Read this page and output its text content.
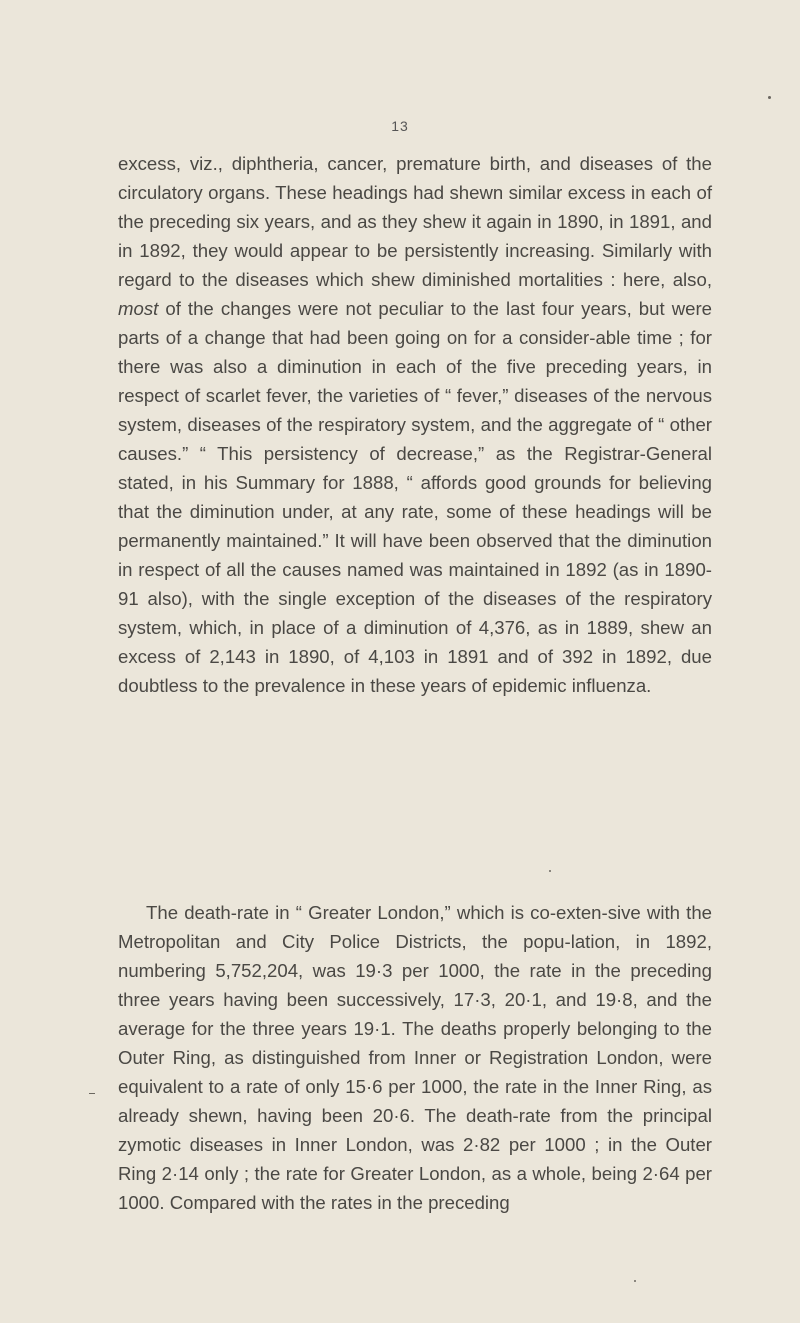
13

excess, viz., diphtheria, cancer, premature birth, and diseases of the circulatory organs. These headings had shewn similar excess in each of the preceding six years, and as they shew it again in 1890, in 1891, and in 1892, they would appear to be persistently increasing. Similarly with regard to the diseases which shew diminished mortalities : here, also, most of the changes were not peculiar to the last four years, but were parts of a change that had been going on for a consider-able time ; for there was also a diminution in each of the five preceding years, in respect of scarlet fever, the varieties of “ fever,” diseases of the nervous system, diseases of the respiratory system, and the aggregate of “ other causes.” “ This persistency of decrease,” as the Registrar-General stated, in his Summary for 1888, “ affords good grounds for believing that the diminution under, at any rate, some of these headings will be permanently maintained.” It will have been observed that the diminution in respect of all the causes named was maintained in 1892 (as in 1890-91 also), with the single exception of the diseases of the respiratory system, which, in place of a diminution of 4,376, as in 1889, shew an excess of 2,143 in 1890, of 4,103 in 1891 and of 392 in 1892, due doubtless to the prevalence in these years of epidemic influenza.

The death-rate in “ Greater London,” which is co-exten-sive with the Metropolitan and City Police Districts, the popu-lation, in 1892, numbering 5,752,204, was 19·3 per 1000, the rate in the preceding three years having been successively, 17·3, 20·1, and 19·8, and the average for the three years 19·1. The deaths properly belonging to the Outer Ring, as distinguished from Inner or Registration London, were equivalent to a rate of only 15·6 per 1000, the rate in the Inner Ring, as already shewn, having been 20·6. The death-rate from the principal zymotic diseases in Inner London, was 2·82 per 1000 ; in the Outer Ring 2·14 only ; the rate for Greater London, as a whole, being 2·64 per 1000. Compared with the rates in the preceding
